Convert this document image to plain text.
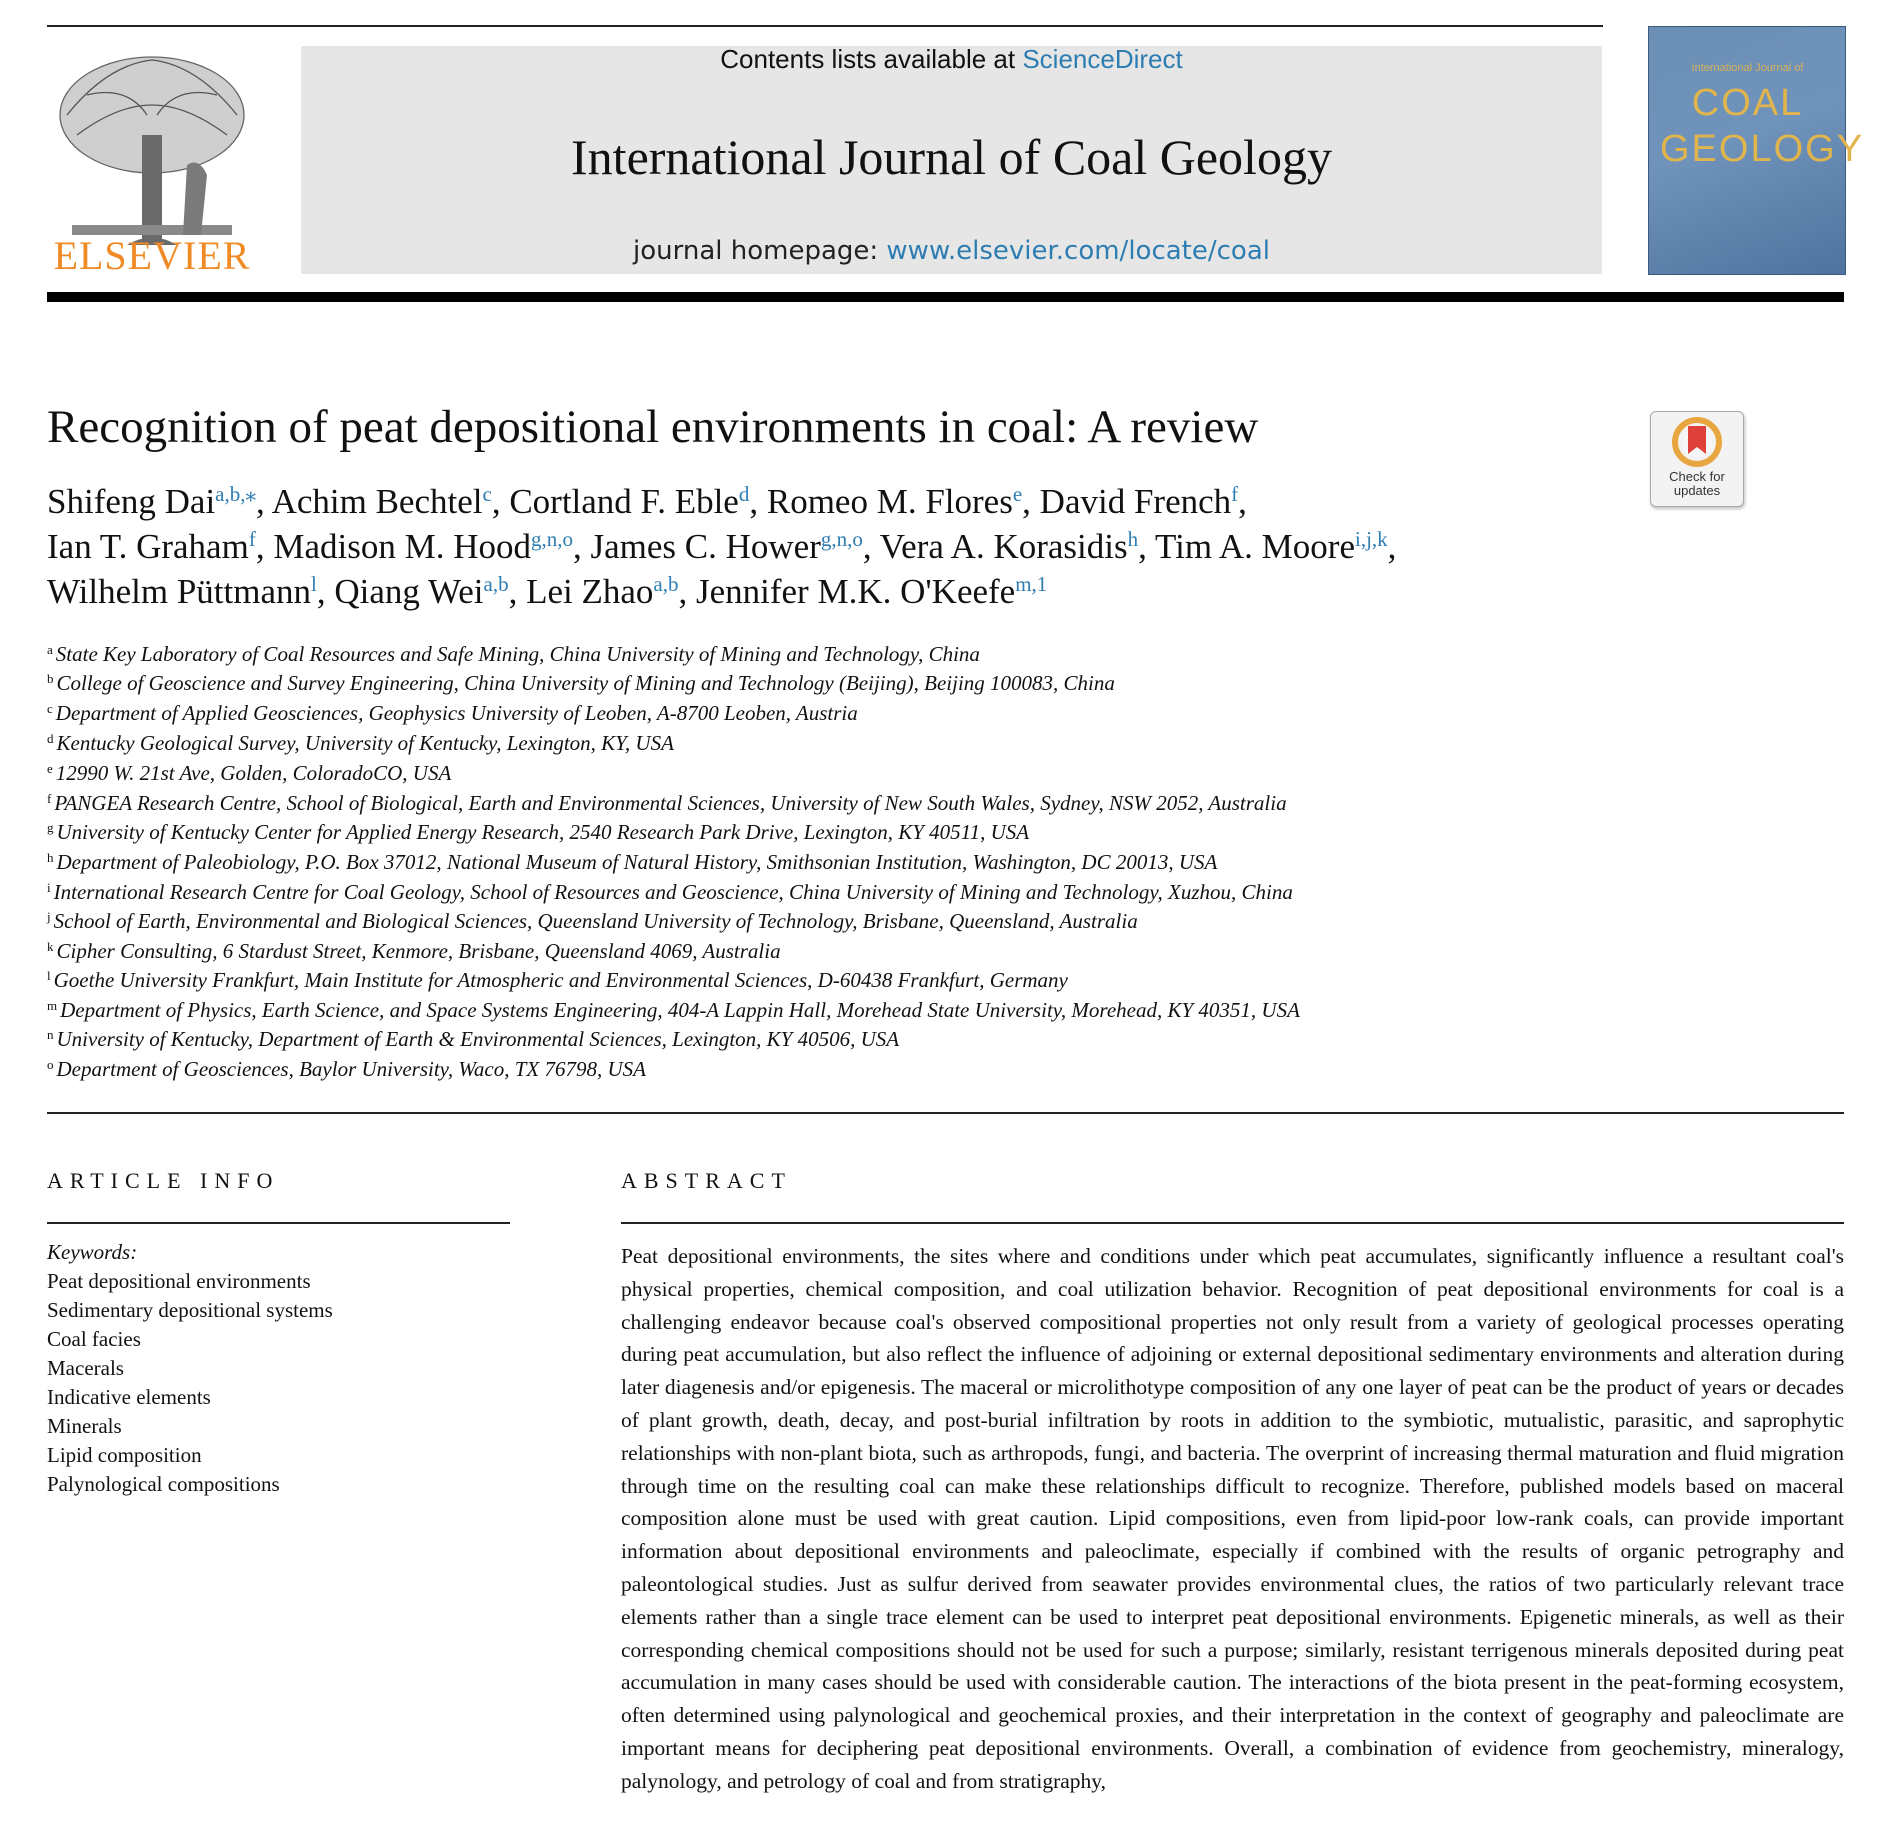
ELSEVIER
Contents lists available at ScienceDirect
International Journal of Coal Geology
journal homepage: www.elsevier.com/locate/coal
International Journal of
COAL
GEOLOGY
Recognition of peat depositional environments in coal: A review
Check for
updates
Shifeng Dai$^{a,b,⁎}$, Achim Bechtel$^c$, Cortland F. Eble$^d$, Romeo M. Flores$^e$, David French$^f$,
Ian T. Graham$^f$, Madison M. Hood$^{g,n,o}$, James C. Hower$^{g,n,o}$, Vera A. Korasidis$^h$, Tim A. Moore$^{i,j,k}$,
Wilhelm Püttmann$^l$, Qiang Wei$^{a,b}$, Lei Zhao$^{a,b}$, Jennifer M.K. O'Keefe$^{m,1}$
$^a$ State Key Laboratory of Coal Resources and Safe Mining, China University of Mining and Technology, China
$^b$ College of Geoscience and Survey Engineering, China University of Mining and Technology (Beijing), Beijing 100083, China
$^c$ Department of Applied Geosciences, Geophysics University of Leoben, A-8700 Leoben, Austria
$^d$ Kentucky Geological Survey, University of Kentucky, Lexington, KY, USA
$^e$ 12990 W. 21st Ave, Golden, ColoradoCO, USA
$^f$ PANGEA Research Centre, School of Biological, Earth and Environmental Sciences, University of New South Wales, Sydney, NSW 2052, Australia
$^g$ University of Kentucky Center for Applied Energy Research, 2540 Research Park Drive, Lexington, KY 40511, USA
$^h$ Department of Paleobiology, P.O. Box 37012, National Museum of Natural History, Smithsonian Institution, Washington, DC 20013, USA
$^i$ International Research Centre for Coal Geology, School of Resources and Geoscience, China University of Mining and Technology, Xuzhou, China
$^j$ School of Earth, Environmental and Biological Sciences, Queensland University of Technology, Brisbane, Queensland, Australia
$^k$ Cipher Consulting, 6 Stardust Street, Kenmore, Brisbane, Queensland 4069, Australia
$^l$ Goethe University Frankfurt, Main Institute for Atmospheric and Environmental Sciences, D-60438 Frankfurt, Germany
$^m$ Department of Physics, Earth Science, and Space Systems Engineering, 404-A Lappin Hall, Morehead State University, Morehead, KY 40351, USA
$^n$ University of Kentucky, Department of Earth & Environmental Sciences, Lexington, KY 40506, USA
$^o$ Department of Geosciences, Baylor University, Waco, TX 76798, USA
ARTICLE INFO
Keywords:
Peat depositional environments
Sedimentary depositional systems
Coal facies
Macerals
Indicative elements
Minerals
Lipid composition
Palynological compositions
ABSTRACT
Peat depositional environments, the sites where and conditions under which peat accumulates, significantly influence a resultant coal's physical properties, chemical composition, and coal utilization behavior. Recognition of peat depositional environments for coal is a challenging endeavor because coal's observed compositional properties not only result from a variety of geological processes operating during peat accumulation, but also reflect the influence of adjoining or external depositional sedimentary environments and alteration during later diagenesis and/or epigenesis. The maceral or microlithotype composition of any one layer of peat can be the product of years or decades of plant growth, death, decay, and post-burial infiltration by roots in addition to the symbiotic, mutualistic, parasitic, and saprophytic relationships with non-plant biota, such as arthropods, fungi, and bacteria. The overprint of increasing thermal maturation and fluid migration through time on the resulting coal can make these relationships difficult to recognize. Therefore, published models based on maceral composition alone must be used with great caution. Lipid compositions, even from lipid-poor low-rank coals, can provide important information about depositional environments and paleoclimate, especially if combined with the results of organic petrography and paleontological studies. Just as sulfur derived from seawater provides environmental clues, the ratios of two particularly relevant trace elements rather than a single trace element can be used to interpret peat depositional environments. Epigenetic minerals, as well as their corresponding chemical compositions should not be used for such a purpose; similarly, resistant terrigenous minerals deposited during peat accumulation in many cases should be used with considerable caution. The interactions of the biota present in the peat-forming ecosystem, often determined using palynological and geochemical proxies, and their interpretation in the context of geography and paleoclimate are important means for deciphering peat depositional environments. Overall, a combination of evidence from geochemistry, mineralogy, palynology, and petrology of coal and from stratigraphy,
